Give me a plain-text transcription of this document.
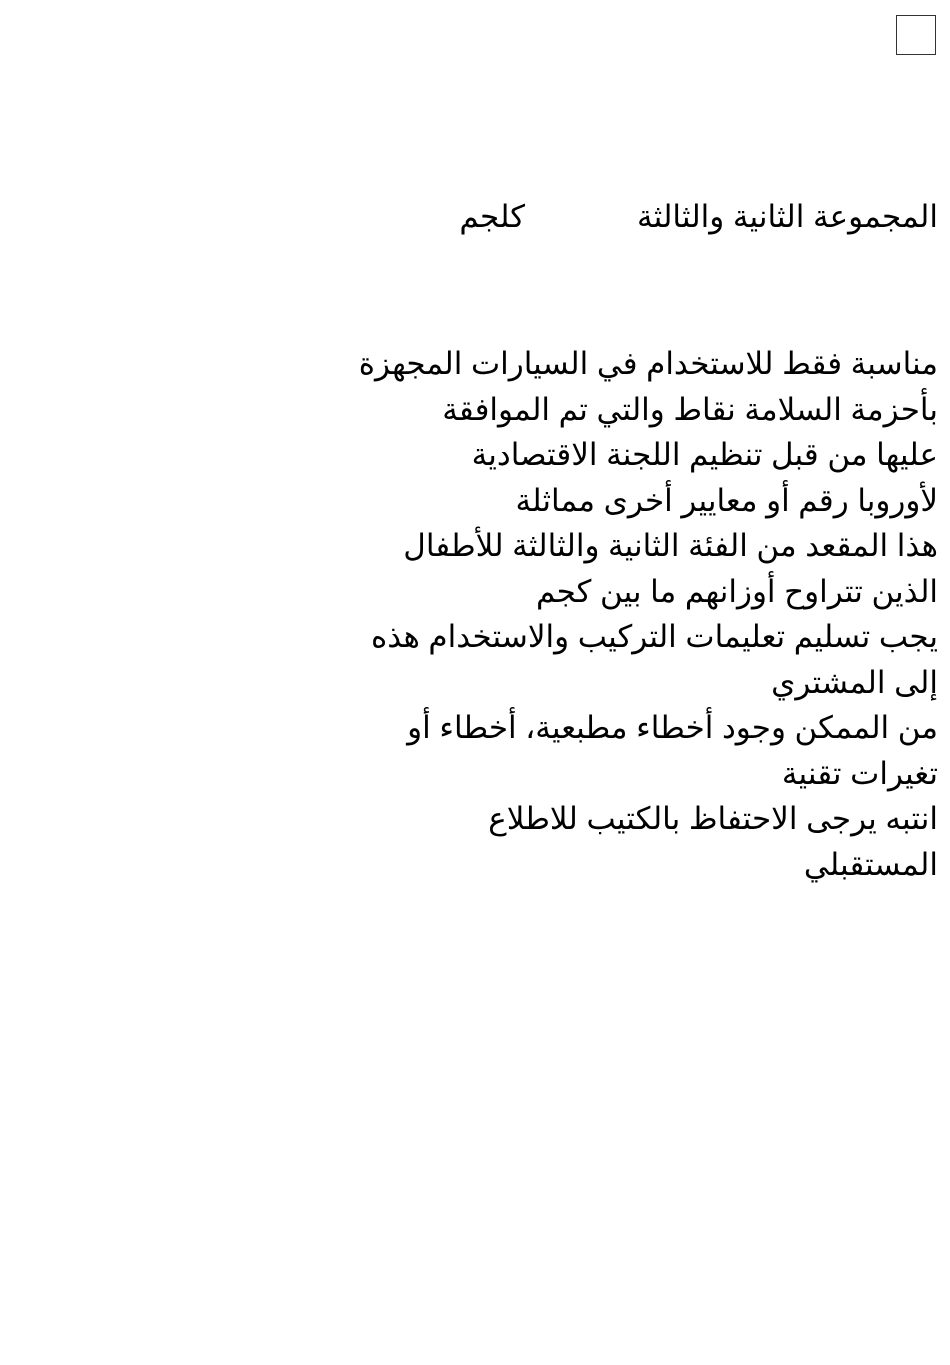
المجموعة الثانية والثالثة
كلجم
مناسبة فقط للاستخدام في السيارات المجهزة
بأحزمة السلامة نقاط والتي تم الموافقة
عليها من قبل تنظيم اللجنة الاقتصادية
لأوروبا رقم أو معايير أخرى مماثلة
هذا المقعد من الفئة الثانية والثالثة للأطفال
الذين تتراوح أوزانهم ما بين كجم
يجب تسليم تعليمات التركيب والاستخدام هذه
إلى المشتري
من الممكن وجود أخطاء مطبعية، أخطاء أو
تغيرات تقنية
انتبه يرجى الاحتفاظ بالكتيب للاطلاع
المستقبلي
